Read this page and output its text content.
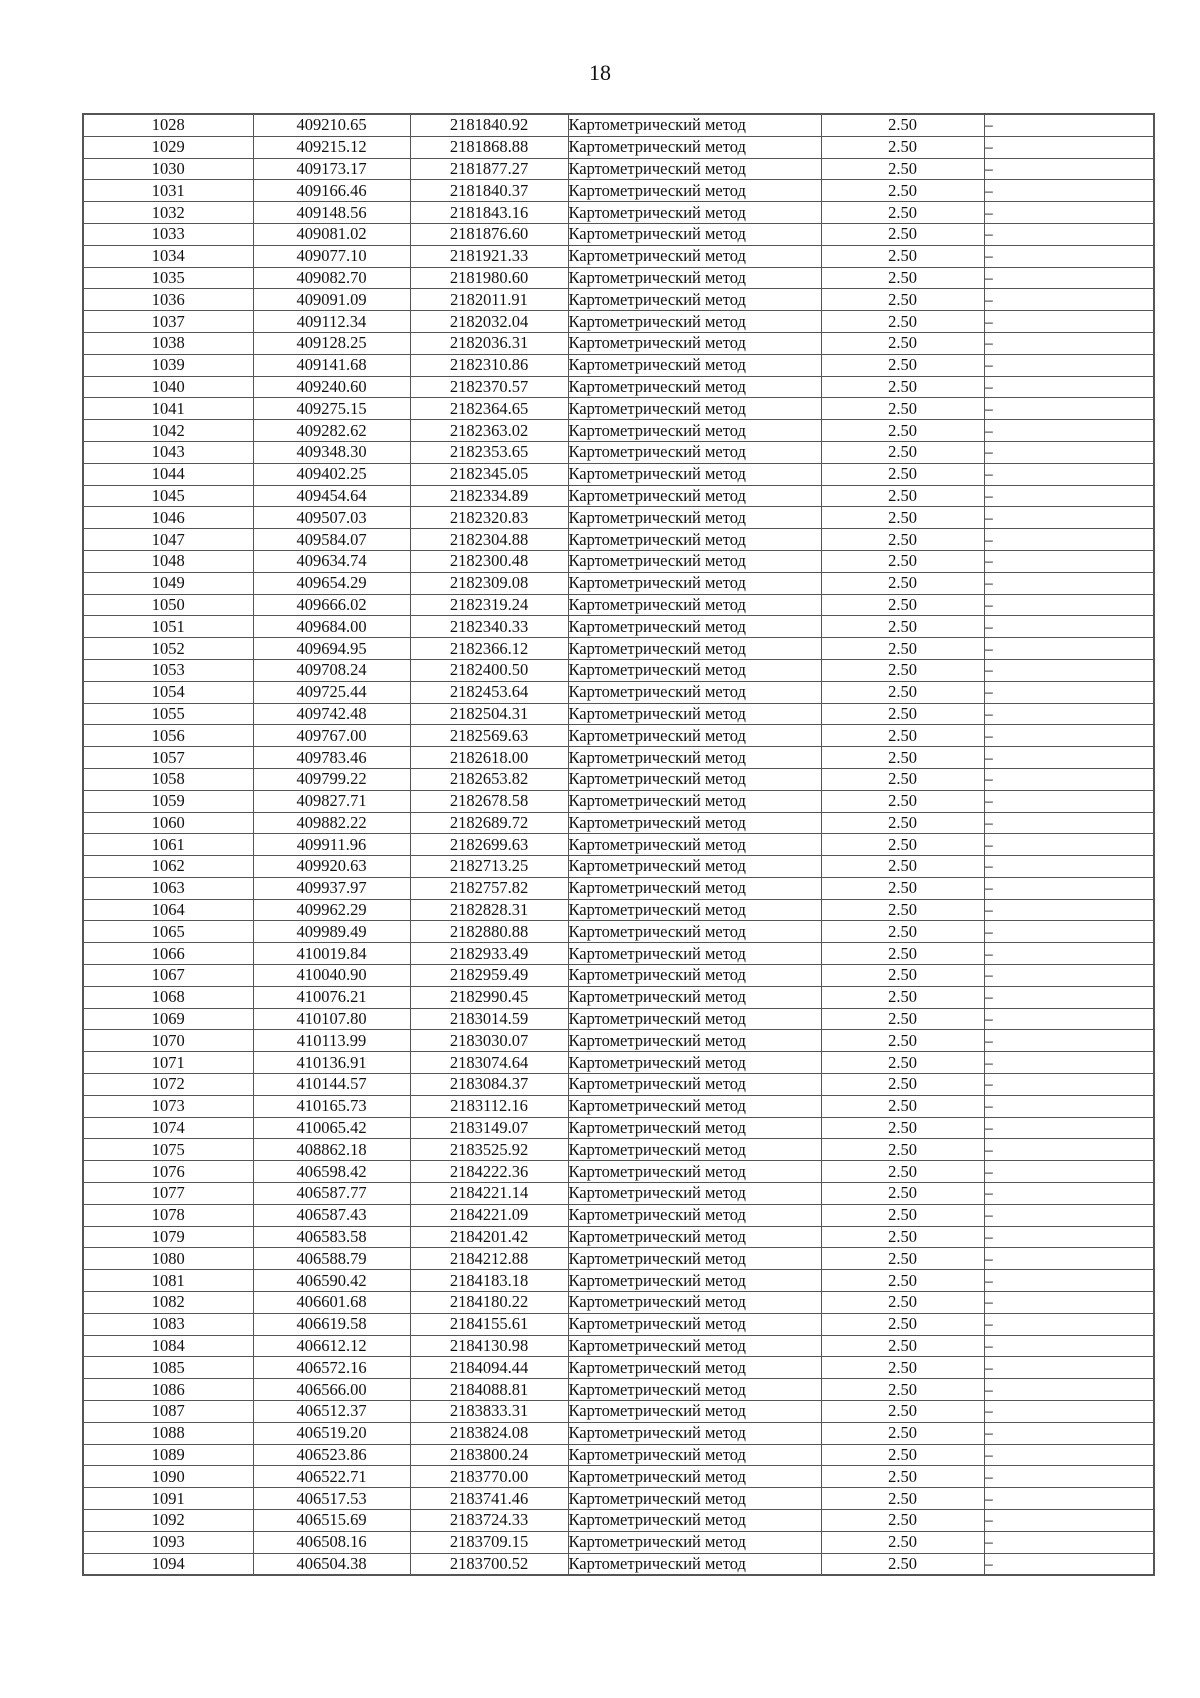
18
1028	409210.65	2181840.92	Картометрический метод	2.50	–
1029	409215.12	2181868.88	Картометрический метод	2.50	–
1030	409173.17	2181877.27	Картометрический метод	2.50	–
1031	409166.46	2181840.37	Картометрический метод	2.50	–
1032	409148.56	2181843.16	Картометрический метод	2.50	–
1033	409081.02	2181876.60	Картометрический метод	2.50	–
1034	409077.10	2181921.33	Картометрический метод	2.50	–
1035	409082.70	2181980.60	Картометрический метод	2.50	–
1036	409091.09	2182011.91	Картометрический метод	2.50	–
1037	409112.34	2182032.04	Картометрический метод	2.50	–
1038	409128.25	2182036.31	Картометрический метод	2.50	–
1039	409141.68	2182310.86	Картометрический метод	2.50	–
1040	409240.60	2182370.57	Картометрический метод	2.50	–
1041	409275.15	2182364.65	Картометрический метод	2.50	–
1042	409282.62	2182363.02	Картометрический метод	2.50	–
1043	409348.30	2182353.65	Картометрический метод	2.50	–
1044	409402.25	2182345.05	Картометрический метод	2.50	–
1045	409454.64	2182334.89	Картометрический метод	2.50	–
1046	409507.03	2182320.83	Картометрический метод	2.50	–
1047	409584.07	2182304.88	Картометрический метод	2.50	–
1048	409634.74	2182300.48	Картометрический метод	2.50	–
1049	409654.29	2182309.08	Картометрический метод	2.50	–
1050	409666.02	2182319.24	Картометрический метод	2.50	–
1051	409684.00	2182340.33	Картометрический метод	2.50	–
1052	409694.95	2182366.12	Картометрический метод	2.50	–
1053	409708.24	2182400.50	Картометрический метод	2.50	–
1054	409725.44	2182453.64	Картометрический метод	2.50	–
1055	409742.48	2182504.31	Картометрический метод	2.50	–
1056	409767.00	2182569.63	Картометрический метод	2.50	–
1057	409783.46	2182618.00	Картометрический метод	2.50	–
1058	409799.22	2182653.82	Картометрический метод	2.50	–
1059	409827.71	2182678.58	Картометрический метод	2.50	–
1060	409882.22	2182689.72	Картометрический метод	2.50	–
1061	409911.96	2182699.63	Картометрический метод	2.50	–
1062	409920.63	2182713.25	Картометрический метод	2.50	–
1063	409937.97	2182757.82	Картометрический метод	2.50	–
1064	409962.29	2182828.31	Картометрический метод	2.50	–
1065	409989.49	2182880.88	Картометрический метод	2.50	–
1066	410019.84	2182933.49	Картометрический метод	2.50	–
1067	410040.90	2182959.49	Картометрический метод	2.50	–
1068	410076.21	2182990.45	Картометрический метод	2.50	–
1069	410107.80	2183014.59	Картометрический метод	2.50	–
1070	410113.99	2183030.07	Картометрический метод	2.50	–
1071	410136.91	2183074.64	Картометрический метод	2.50	–
1072	410144.57	2183084.37	Картометрический метод	2.50	–
1073	410165.73	2183112.16	Картометрический метод	2.50	–
1074	410065.42	2183149.07	Картометрический метод	2.50	–
1075	408862.18	2183525.92	Картометрический метод	2.50	–
1076	406598.42	2184222.36	Картометрический метод	2.50	–
1077	406587.77	2184221.14	Картометрический метод	2.50	–
1078	406587.43	2184221.09	Картометрический метод	2.50	–
1079	406583.58	2184201.42	Картометрический метод	2.50	–
1080	406588.79	2184212.88	Картометрический метод	2.50	–
1081	406590.42	2184183.18	Картометрический метод	2.50	–
1082	406601.68	2184180.22	Картометрический метод	2.50	–
1083	406619.58	2184155.61	Картометрический метод	2.50	–
1084	406612.12	2184130.98	Картометрический метод	2.50	–
1085	406572.16	2184094.44	Картометрический метод	2.50	–
1086	406566.00	2184088.81	Картометрический метод	2.50	–
1087	406512.37	2183833.31	Картометрический метод	2.50	–
1088	406519.20	2183824.08	Картометрический метод	2.50	–
1089	406523.86	2183800.24	Картометрический метод	2.50	–
1090	406522.71	2183770.00	Картометрический метод	2.50	–
1091	406517.53	2183741.46	Картометрический метод	2.50	–
1092	406515.69	2183724.33	Картометрический метод	2.50	–
1093	406508.16	2183709.15	Картометрический метод	2.50	–
1094	406504.38	2183700.52	Картометрический метод	2.50	–
